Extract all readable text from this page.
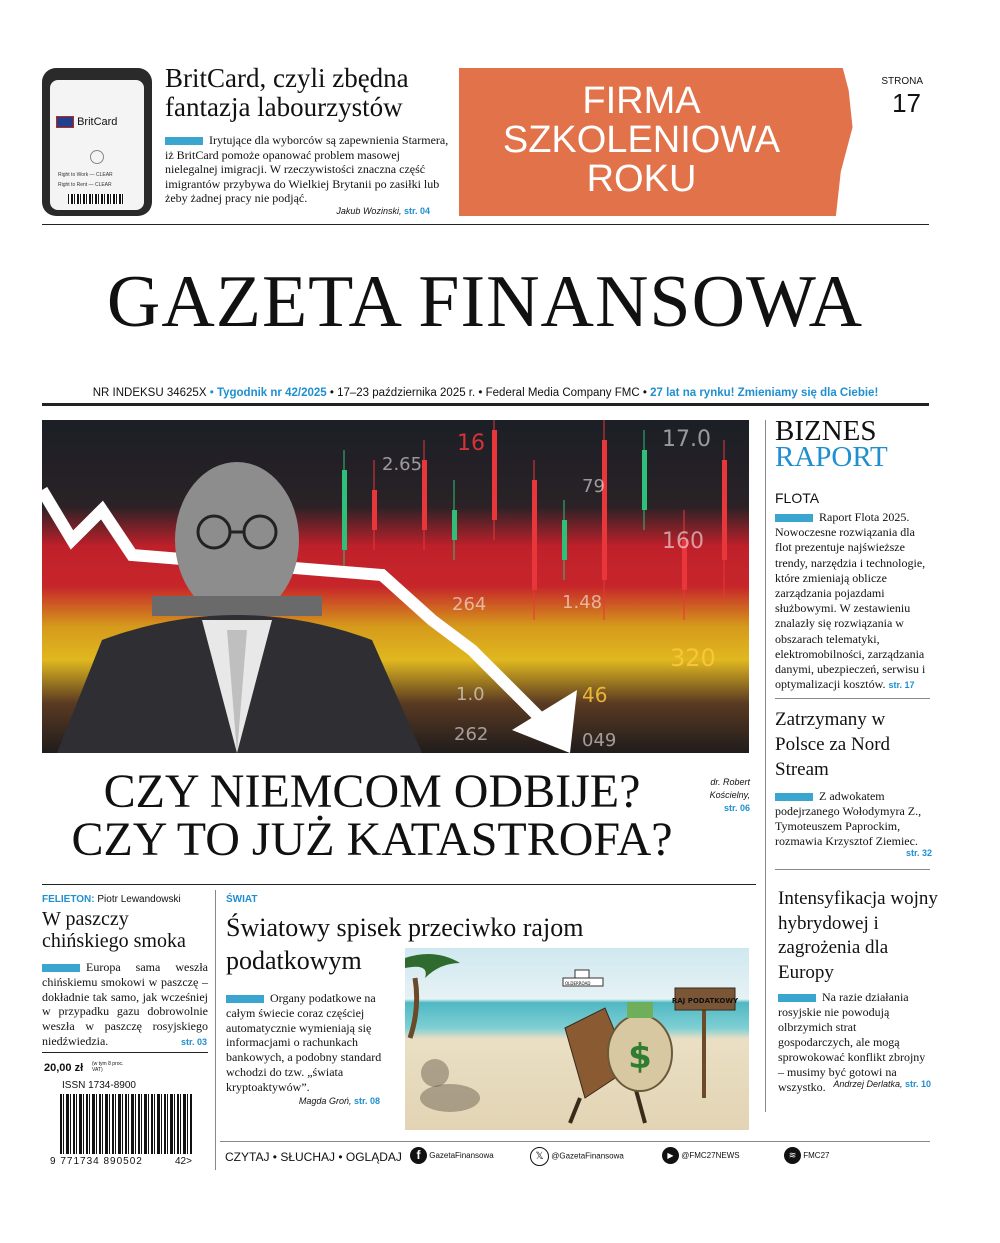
BritCard
Right to Work — CLEAR
Right to Rent — CLEAR
BritCard, czyli zbędna fantazja labourzystów
Irytujące dla wyborców są zapewnienia Starmera, iż BritCard pomoże opanować problem masowej nielegalnej imigracji. W rzeczywistości znaczna część imigrantów przybywa do Wielkiej Brytanii po zasiłki lub żeby żadnej pracy nie podjąć.
Jakub Wozinski, str. 04
FIRMA
SZKOLENIOWA
ROKU
STRONA
17
GAZETA FINANSOWA
NR INDEKSU 34625X • Tygodnik nr 42/2025 • 17–23 października 2025 r. • Federal Media Company FMC • 27 lat na rynku! Zmieniamy się dla Ciebie!
2.65
16	17.0
79
160
264	1.48
320
1.0	46
262	049
CZY NIEMCOM ODBIJE?
CZY TO JUŻ KATASTROFA?
dr. Robert Kościelny,
str. 06
BIZNES
RAPORT
FLOTA
Raport Flota 2025. Nowoczesne rozwiązania dla flot prezentuje najświeższe trendy, narzędzia i technologie, które zmieniają oblicze zarządzania pojazdami służbowymi. W zestawieniu znalazły się rozwiązania w obszarach telematyki, elektromobilności, zarządzania danymi, ubezpieczeń, serwisu i optymalizacji kosztów. str. 17
Zatrzymany w Polsce za Nord Stream
Z adwokatem podejrzanego Wołodymyra Z., Tymoteuszem Paprockim, rozmawia Krzysztof Ziemiec.
str. 32
Intensyfikacja wojny hybrydowej i zagrożenia dla Europy
Na razie działania rosyjskie nie powodują olbrzymich strat gospodarczych, ale mogą sprowokować konflikt zbrojny – musimy być gotowi na wszystko. Andrzej Derlatka, str. 10
FELIETON: Piotr Lewandowski
W paszczy chińskiego smoka
Europa sama weszła chińskiemu smokowi w paszczę – dokładnie tak samo, jak wcześniej w przypadku gazu dobrowolnie weszła w paszczę rosyjskiego niedźwiedzia.	str. 03
20,00 zł (w tym 8 proc. VAT)
ISSN 1734-8900
9 771734 890502	42>
ŚWIAT
Światowy spisek przeciwko rajom podatkowym
Organy podatkowe na całym świecie coraz częściej automatycznie wymieniają się informacjami o rachunkach bankowych, a podobny standard wchodzi do tzw. „świata kryptoaktywów”.
Magda Groń, str. 08
OLDERROAD
RAJ PODATKOWY
$
CZYTAJ • SŁUCHAJ • OGLĄDAJ	f GazetaFinansowa	𝕏 @GazetaFinansowa	▶ @FMC27NEWS	≋ FMC27
